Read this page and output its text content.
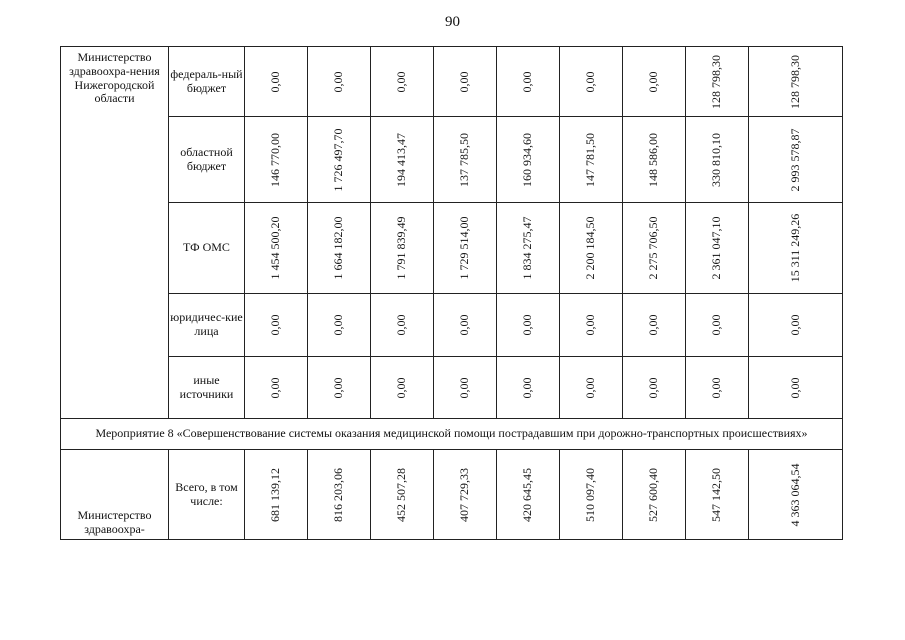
90
Министерство здравоохра-нения Нижегородской области	федераль-ный бюджет	0,00	0,00	0,00	0,00	0,00	0,00	0,00	128 798,30	128 798,30

	областной бюджет	146 770,00	1 726 497,70	194 413,47	137 785,50	160 934,60	147 781,50	148 586,00	330 810,10	2 993 578,87

	ТФ ОМС	1 454 500,20	1 664 182,00	1 791 839,49	1 729 514,00	1 834 275,47	2 200 184,50	2 275 706,50	2 361 047,10	15 311 249,26

	юридичес-кие лица	0,00	0,00	0,00	0,00	0,00	0,00	0,00	0,00	0,00

	иные источники	0,00	0,00	0,00	0,00	0,00	0,00	0,00	0,00	0,00

Мероприятие 8 «Совершенствование системы оказания медицинской помощи пострадавшим при дорожно-транспортных происшествиях»										
Министерство здравоохра-	Всего, в том числе:	681 139,12	816 203,06	452 507,28	407 729,33	420 645,45	510 097,40	527 600,40	547 142,50	4 363 064,54
